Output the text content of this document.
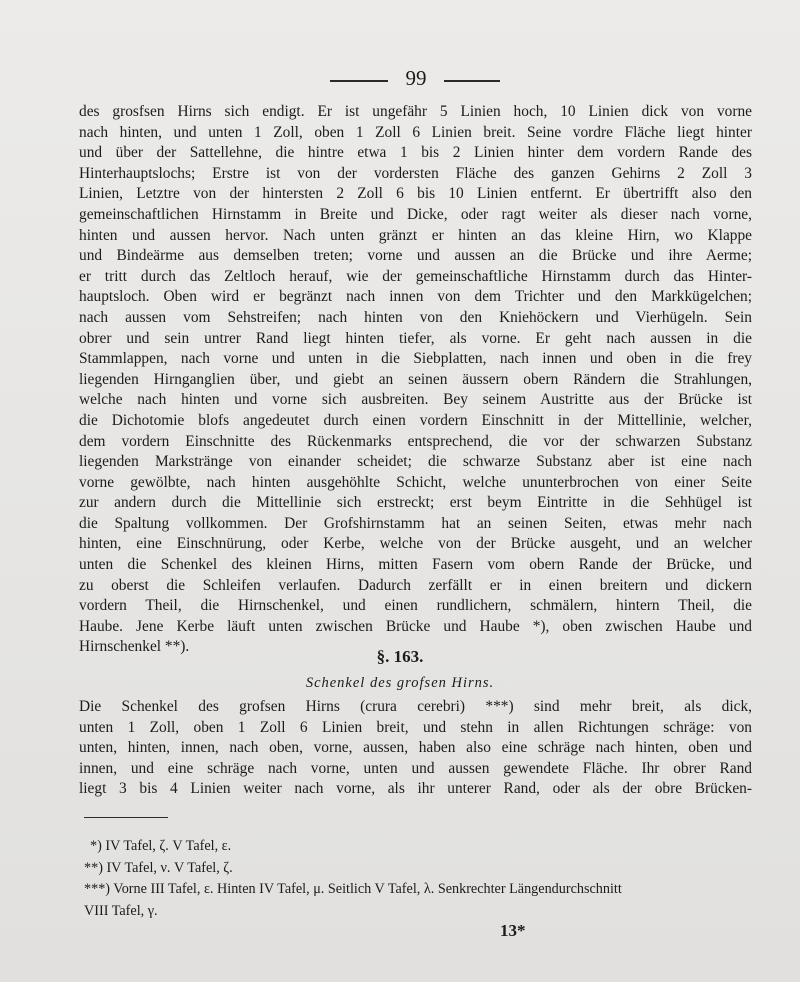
99
des grosfsen Hirns sich endigt. Er ist ungefähr 5 Linien hoch, 10 Linien dick von vorne
nach hinten, und unten 1 Zoll, oben 1 Zoll 6 Linien breit. Seine vordre Fläche liegt hinter
und über der Sattellehne, die hintre etwa 1 bis 2 Linien hinter dem vordern Rande des
Hinterhauptslochs; Erstre ist von der vordersten Fläche des ganzen Gehirns 2 Zoll 3
Linien, Letztre von der hintersten 2 Zoll 6 bis 10 Linien entfernt. Er übertrifft also den
gemeinschaftlichen Hirnstamm in Breite und Dicke, oder ragt weiter als dieser nach vorne,
hinten und aussen hervor. Nach unten gränzt er hinten an das kleine Hirn, wo Klappe
und Bindeärme aus demselben treten; vorne und aussen an die Brücke und ihre Aerme;
er tritt durch das Zeltloch herauf, wie der gemeinschaftliche Hirnstamm durch das Hinter-
hauptsloch. Oben wird er begränzt nach innen von dem Trichter und den Markkügelchen;
nach aussen vom Sehstreifen; nach hinten von den Kniehöckern und Vierhügeln. Sein
obrer und sein untrer Rand liegt hinten tiefer, als vorne. Er geht nach aussen in die
Stammlappen, nach vorne und unten in die Siebplatten, nach innen und oben in die frey
liegenden Hirnganglien über, und giebt an seinen äussern obern Rändern die Strahlungen,
welche nach hinten und vorne sich ausbreiten. Bey seinem Austritte aus der Brücke ist
die Dichotomie blofs angedeutet durch einen vordern Einschnitt in der Mittellinie, welcher,
dem vordern Einschnitte des Rückenmarks entsprechend, die vor der schwarzen Substanz
liegenden Markstränge von einander scheidet; die schwarze Substanz aber ist eine nach
vorne gewölbte, nach hinten ausgehöhlte Schicht, welche ununterbrochen von einer Seite
zur andern durch die Mittellinie sich erstreckt; erst beym Eintritte in die Sehhügel ist
die Spaltung vollkommen. Der Grofshirnstamm hat an seinen Seiten, etwas mehr nach
hinten, eine Einschnürung, oder Kerbe, welche von der Brücke ausgeht, und an welcher
unten die Schenkel des kleinen Hirns, mitten Fasern vom obern Rande der Brücke, und
zu oberst die Schleifen verlaufen. Dadurch zerfällt er in einen breitern und dickern
vordern Theil, die Hirnschenkel, und einen rundlichern, schmälern, hintern Theil, die
Haube. Jene Kerbe läuft unten zwischen Brücke und Haube *), oben zwischen Haube und
Hirnschenkel **).
§. 163.
Schenkel des grofsen Hirns.
Die Schenkel des grofsen Hirns (crura cerebri) ***) sind mehr breit, als dick,
unten 1 Zoll, oben 1 Zoll 6 Linien breit, und stehn in allen Richtungen schräge: von
unten, hinten, innen, nach oben, vorne, aussen, haben also eine schräge nach hinten, oben und
innen, und eine schräge nach vorne, unten und aussen gewendete Fläche. Ihr obrer Rand
liegt 3 bis 4 Linien weiter nach vorne, als ihr unterer Rand, oder als der obre Brücken-
*) IV Tafel, ζ. V Tafel, ε.
**) IV Tafel, ν. V Tafel, ζ.
***) Vorne III Tafel, ε. Hinten IV Tafel, μ. Seitlich V Tafel, λ. Senkrechter Längendurchschnitt
VIII Tafel, γ.
13*
